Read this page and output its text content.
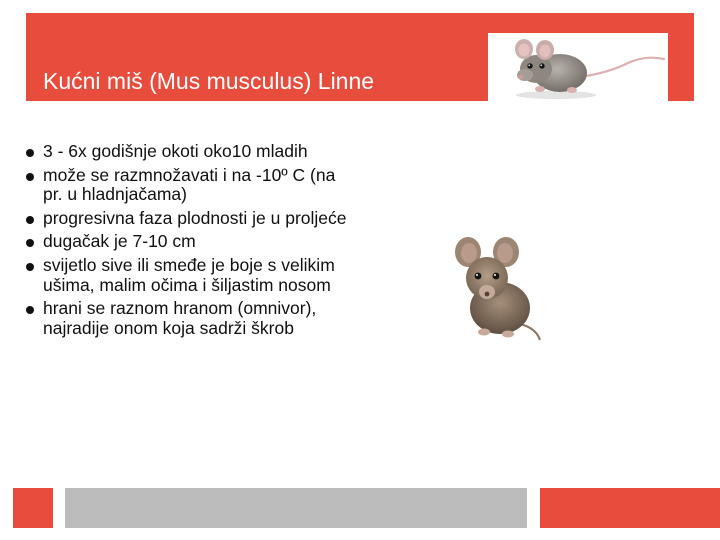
Kućni miš (Mus musculus) Linne
3 - 6x godišnje okoti oko10 mladih
može se razmnožavati i na -10º C (na pr. u hladnjačama)
progresivna faza plodnosti je u proljeće
dugačak je 7-10 cm
svijetlo sive ili smeđe je boje s velikim ušima, malim očima i šiljastim nosom
hrani se raznom hranom (omnivor), najradije onom koja sadrži škrob
